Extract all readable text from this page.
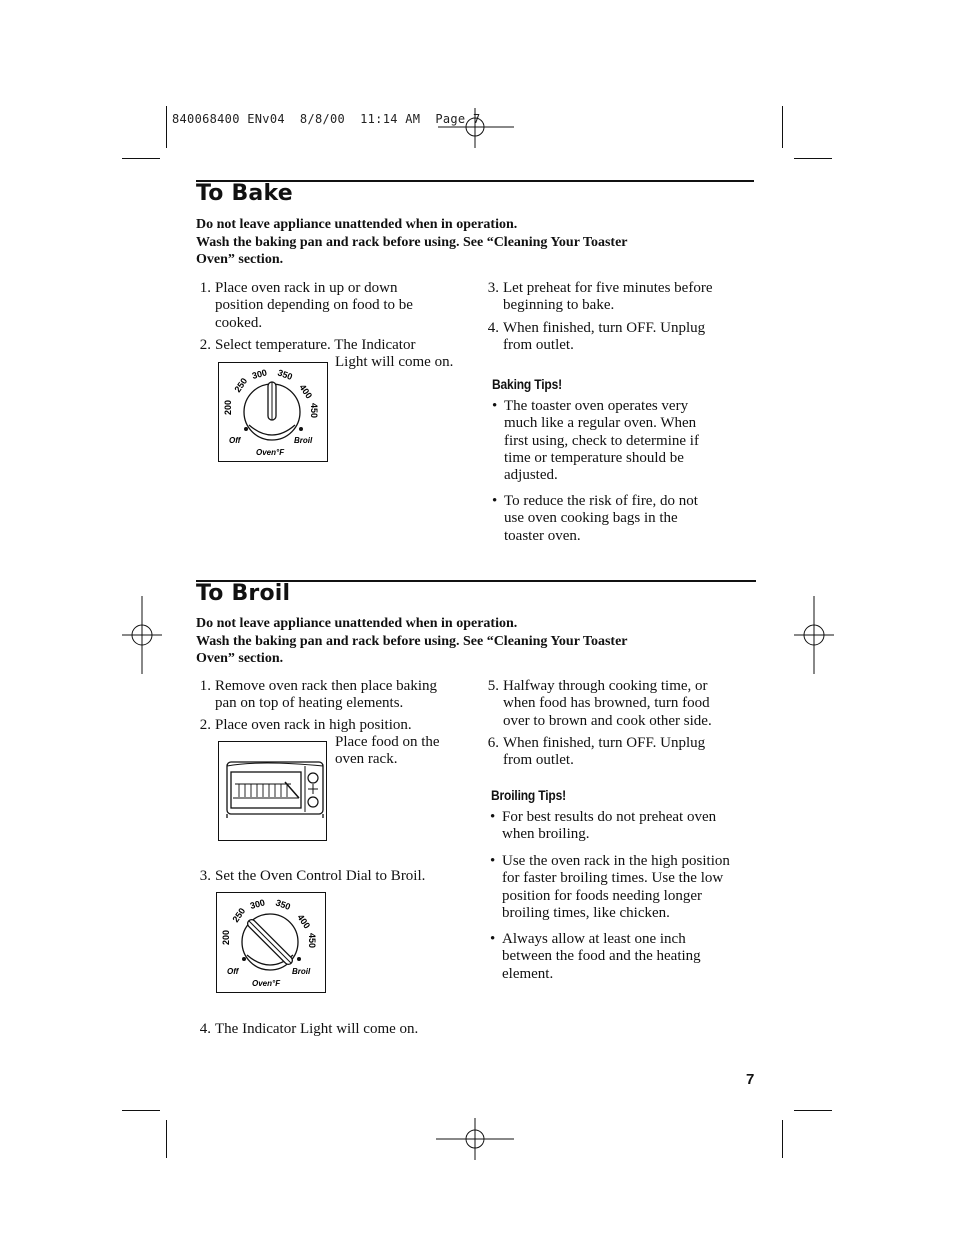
840068400 ENv04  8/8/00  11:14 AM  Page 7
To Bake
Do not leave appliance unattended when in operation.
Wash the baking pan and rack before using. See “Cleaning Your Toaster
Oven” section.
1. Place oven rack in up or down
position depending on food to be
cooked.
2. Select temperature. The Indicator
Light will come on.
200	450
250
300 350
400
Off	Broil
Oven°F
3. Let preheat for five minutes before
beginning to bake.
4. When finished, turn OFF. Unplug
from outlet.
Baking Tips!
• The toaster oven operates very
much like a regular oven. When
first using, check to determine if
time or temperature should be
adjusted.
• To reduce the risk of fire, do not
use oven cooking bags in the
toaster oven.
To Broil
Do not leave appliance unattended when in operation.
Wash the baking pan and rack before using. See “Cleaning Your Toaster
Oven” section.
1. Remove oven rack then place baking
pan on top of heating elements.
2. Place oven rack in high position.
Place food on the
oven rack.
3. Set the Oven Control Dial to Broil.
200	450
250
300 350
400
Off	Broil
Oven°F
4. The Indicator Light will come on.
5. Halfway through cooking time, or
when food has browned, turn food
over to brown and cook other side.
6. When finished, turn OFF. Unplug
from outlet.
Broiling Tips!
• For best results do not preheat oven
when broiling.
• Use the oven rack in the high position
for faster broiling times. Use the low
position for foods needing longer
broiling times, like chicken.
• Always allow at least one inch
between the food and the heating
element.
7
